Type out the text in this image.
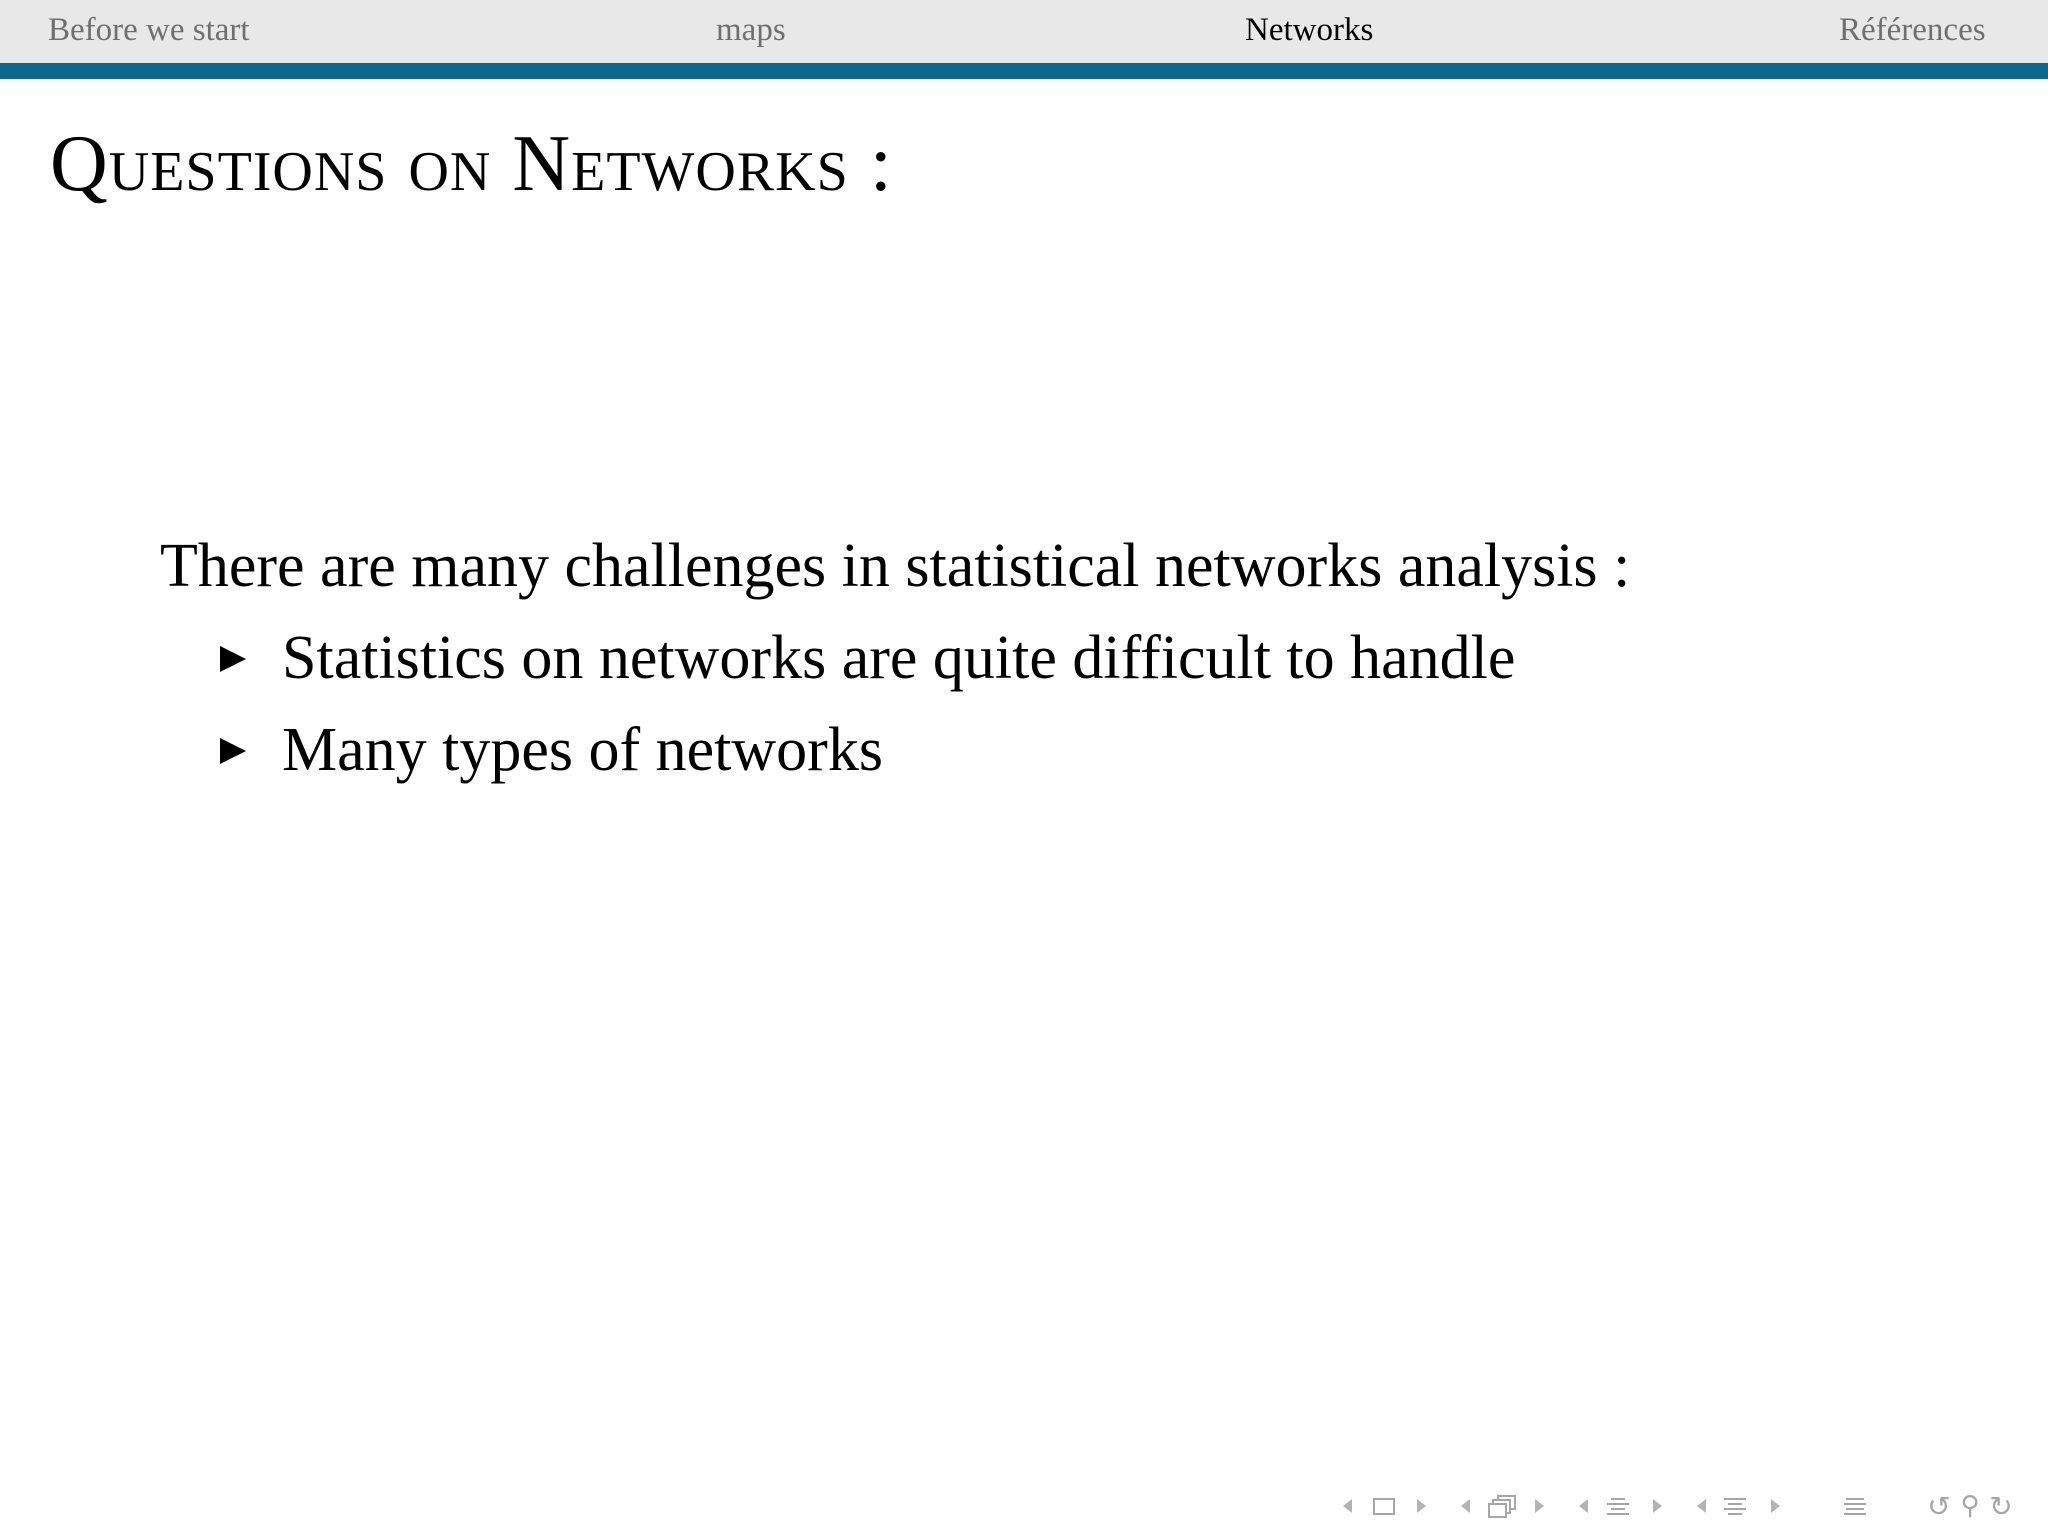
Before we start	maps	Networks	Références
Questions on Networks :
There are many challenges in statistical networks analysis :
Statistics on networks are quite difficult to handle
Many types of networks
↺ ⚲ ↻
